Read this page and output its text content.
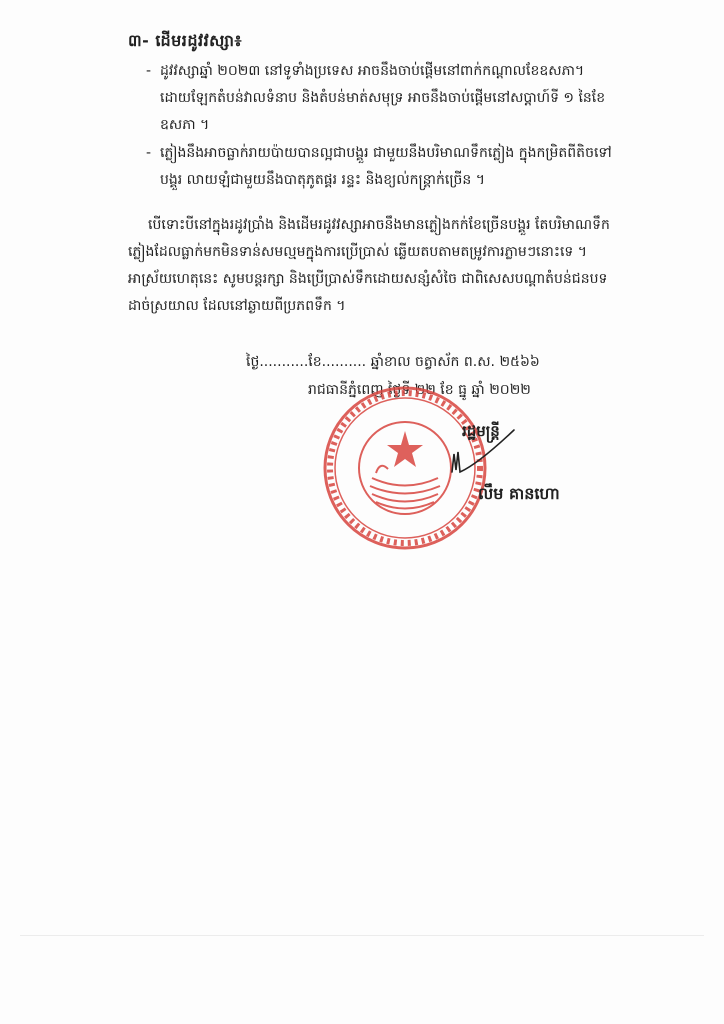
៣- ដើមរដូវវស្សា៖
- ដូវវស្សាឆ្នាំ ២០២៣ នៅទូទាំងប្រទេស អាចនឹងចាប់ផ្តើមនៅពាក់កណ្តាលខែឧសភា។ ដោយឡែកតំបន់វាលទំនាប និងតំបន់មាត់សមុទ្រ អាចនឹងចាប់ផ្តើមនៅសប្តាហ៍ទី ១ នៃខែឧសភា ។
- ភ្លៀងនឹងអាចធ្លាក់រាយប៉ាយបានល្អជាបង្គួរ ជាមួយនឹងបរិមាណទឹកភ្លៀង ក្នុងកម្រិតពីតិចទៅបង្គួរ លាយឡំជាមួយនឹងបាតុភូតផ្គរ រន្ទះ និងខ្យល់កន្ត្រាក់ច្រើន ។
បើទោះបីនៅក្នុងរដូវប្រាំង និងដើមរដូវវស្សាអាចនឹងមានភ្លៀងកក់ខែច្រើនបង្គួរ តែបរិមាណទឹកភ្លៀងដែលធ្លាក់មកមិនទាន់សមល្មមក្នុងការប្រើប្រាស់ ឆ្លើយតបតាមតម្រូវការភ្លាមៗនោះទេ ។ អាស្រ័យហេតុនេះ សូមបន្តរក្សា និងប្រើប្រាស់ទឹកដោយសន្សំសំចៃ ជាពិសេសបណ្តាតំបន់ជនបទដាច់ស្រយាល ដែលនៅឆ្ងាយពីប្រភពទឹក ។
ថ្ងៃ...........ខែ.......... ឆ្នាំខាល ចត្វាស័ក ព.ស. ២៥៦៦
រាជធានីភ្នំពេញ ថ្ងៃទី ២២ ខែ ធ្នូ ឆ្នាំ ២០២២
រដ្ឋមន្ត្រី
លឹម គានហោ
